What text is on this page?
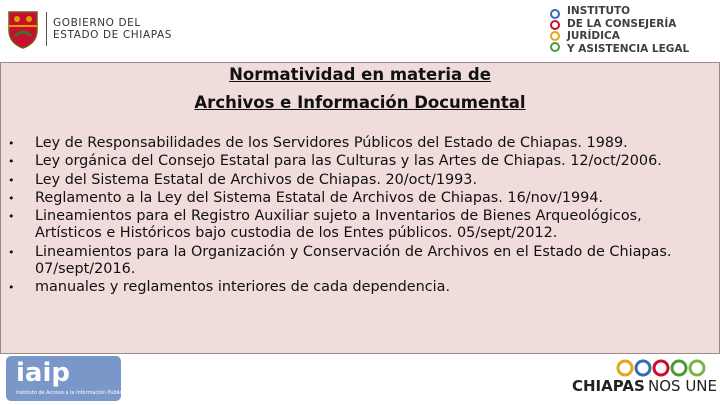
GOBIERNO DEL
ESTADO DE CHIAPAS
INSTITUTO
DE LA CONSEJERÍA JURÍDICA
Y ASISTENCIA LEGAL
Normatividad en materia de
Archivos e Información Documental
• Ley de Responsabilidades de los Servidores Públicos del Estado de Chiapas. 1989.
• Ley orgánica del Consejo Estatal para las Culturas y las Artes de Chiapas. 12/oct/2006.
• Ley del Sistema Estatal de Archivos de Chiapas. 20/oct/1993.
• Reglamento a la Ley del Sistema Estatal de Archivos de Chiapas. 16/nov/1994.
• Lineamientos para el Registro Auxiliar sujeto a Inventarios de Bienes Arqueológicos, Artísticos e Históricos bajo custodia de los Entes públicos. 05/sept/2012.
• Lineamientos para la Organización y Conservación de Archivos en el Estado de Chiapas. 07/sept/2016.
• manuales y reglamentos interiores de cada dependencia.
iaip
Instituto de Acceso a la Información Pública	CHIAPAS NOS UNE
